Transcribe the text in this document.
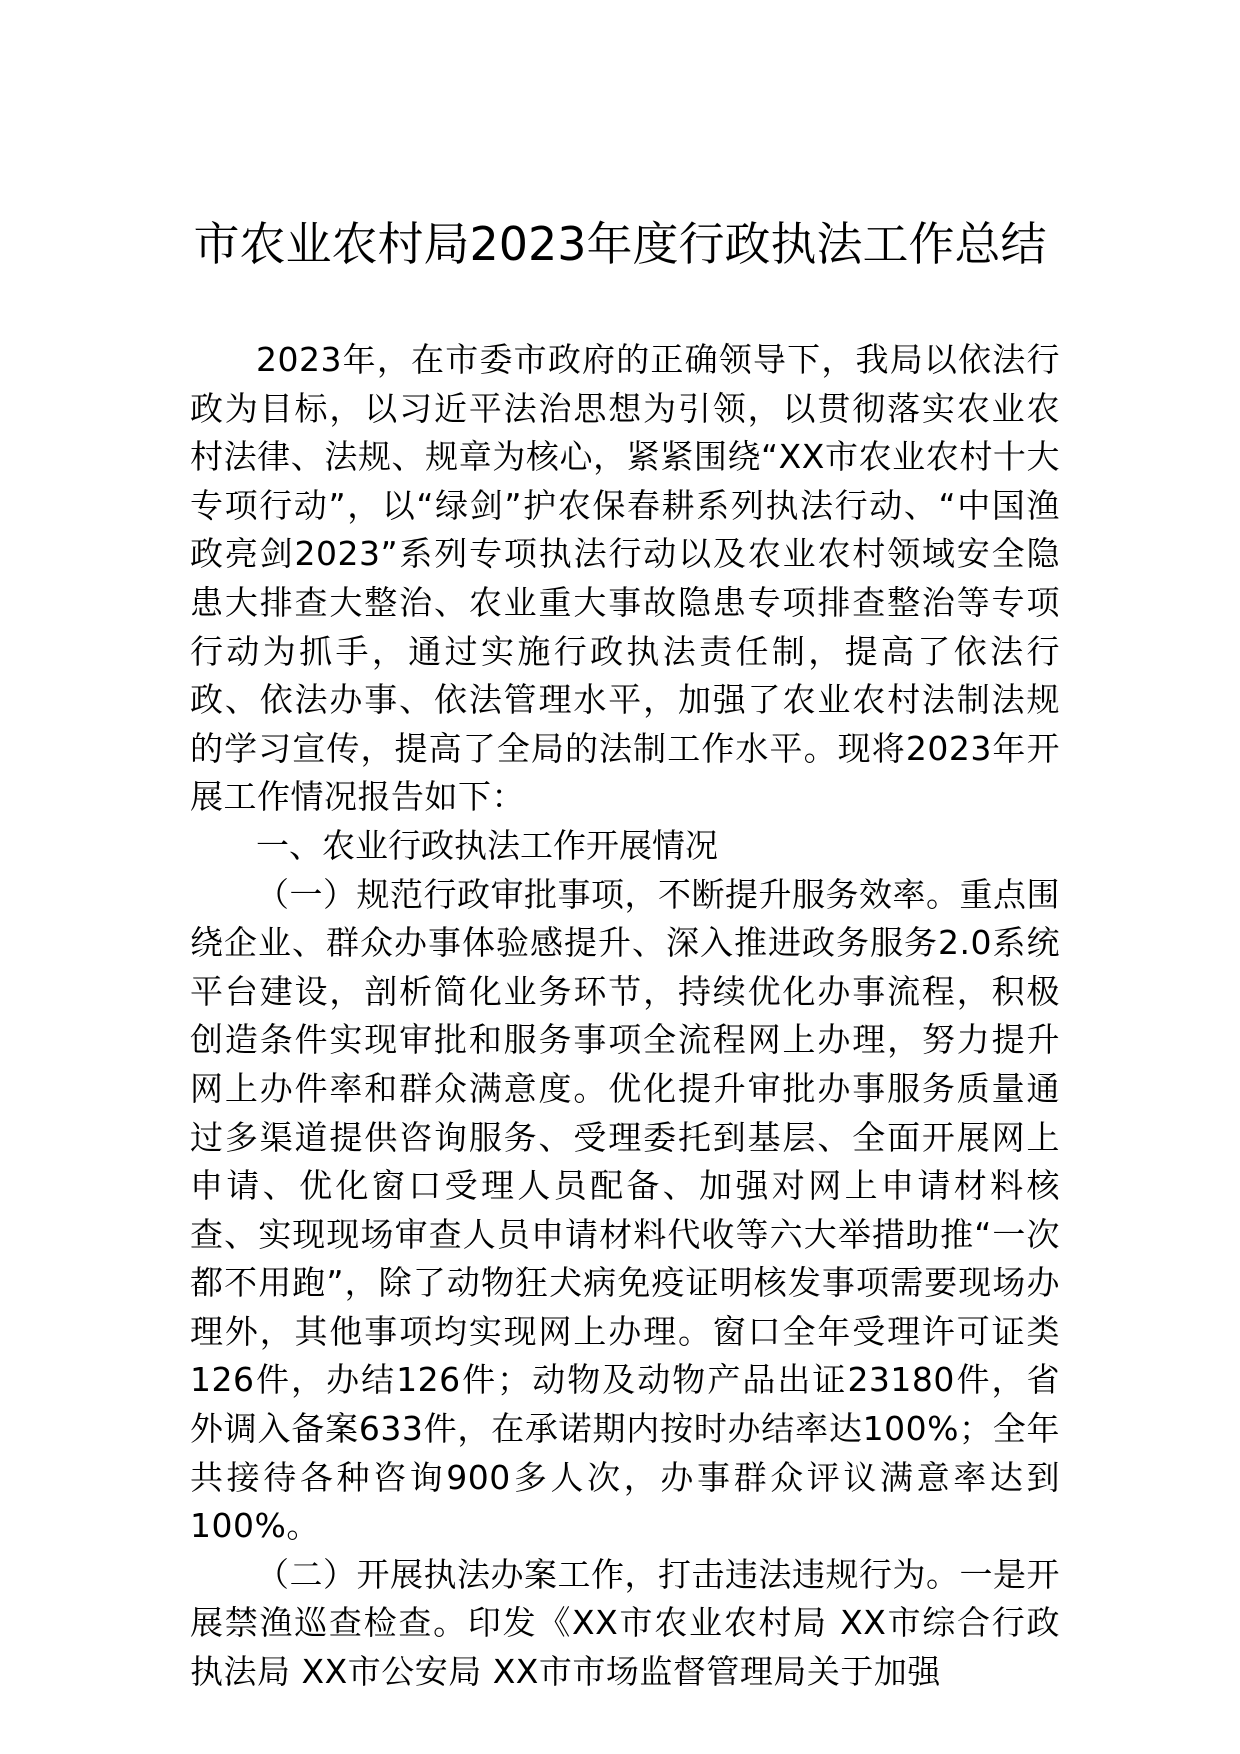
市农业农村局2023年度行政执法工作总结

2023年，在市委市政府的正确领导下，我局以依法行政为目标，以习近平法治思想为引领，以贯彻落实农业农村法律、法规、规章为核心，紧紧围绕“XX市农业农村十大专项行动”，以“绿剑”护农保春耕系列执法行动、“中国渔政亮剑2023”系列专项执法行动以及农业农村领域安全隐患大排查大整治、农业重大事故隐患专项排查整治等专项行动为抓手，通过实施行政执法责任制，提高了依法行政、依法办事、依法管理水平，加强了农业农村法制法规的学习宣传，提高了全局的法制工作水平。现将2023年开展工作情况报告如下：

一、农业行政执法工作开展情况

（一）规范行政审批事项，不断提升服务效率。重点围绕企业、群众办事体验感提升、深入推进政务服务2.0系统平台建设，剖析简化业务环节，持续优化办事流程，积极创造条件实现审批和服务事项全流程网上办理，努力提升网上办件率和群众满意度。优化提升审批办事服务质量通过多渠道提供咨询服务、受理委托到基层、全面开展网上申请、优化窗口受理人员配备、加强对网上申请材料核查、实现现场审查人员申请材料代收等六大举措助推“一次都不用跑”，除了动物狂犬病免疫证明核发事项需要现场办理外，其他事项均实现网上办理。窗口全年受理许可证类126件，办结126件；动物及动物产品出证23180件，省外调入备案633件，在承诺期内按时办结率达100%；全年共接待各种咨询900多人次，办事群众评议满意率达到100%。

（二）开展执法办案工作，打击违法违规行为。一是开展禁渔巡查检查。印发《XX市农业农村局 XX市综合行政执法局 XX市公安局 XX市市场监督管理局关于加强
